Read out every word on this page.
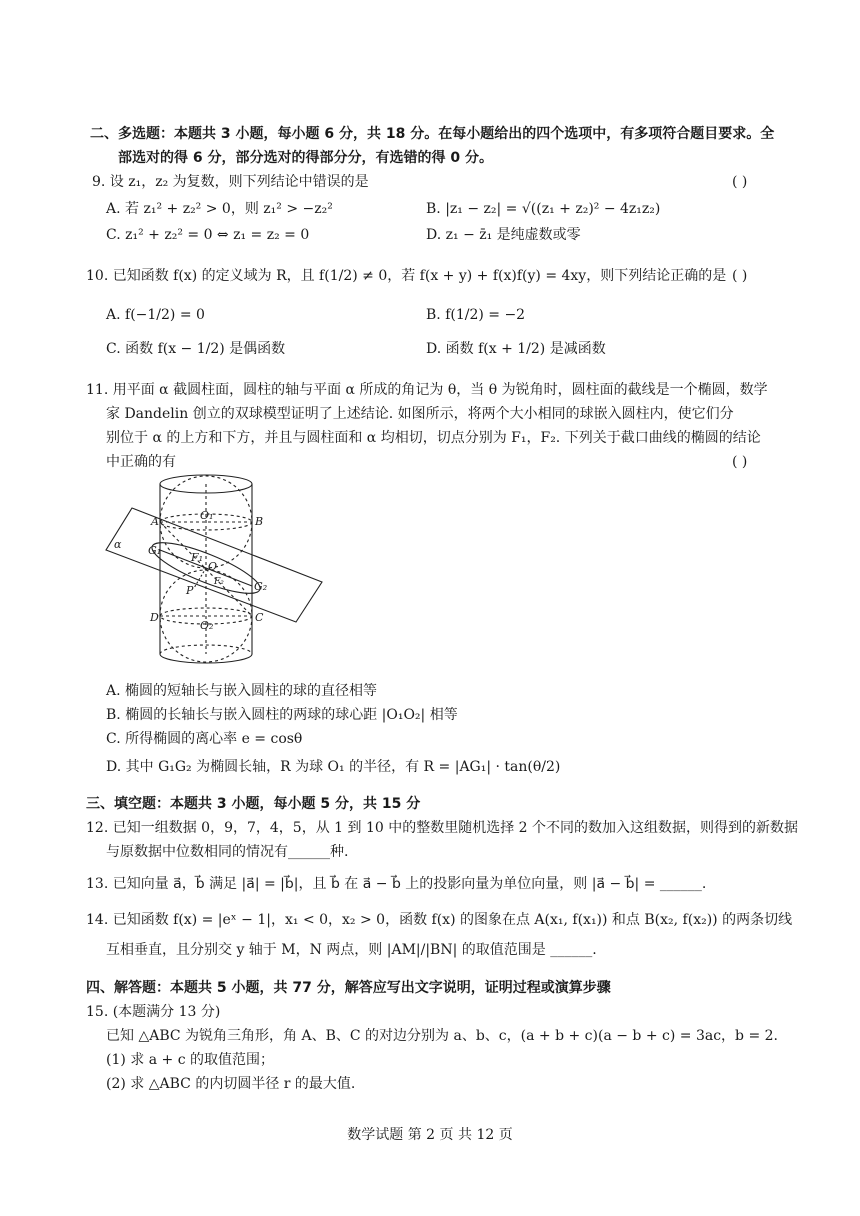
二、多选题：本题共 3 小题，每小题 6 分，共 18 分。在每小题给出的四个选项中，有多项符合题目要求。全
部选对的得 6 分，部分选对的得部分分，有选错的得 0 分。
9. 设 z₁，z₂ 为复数，则下列结论中错误的是	( )
A. 若 z₁² + z₂² > 0，则 z₁² > −z₂²	B. |z₁ − z₂| = √((z₁ + z₂)² − 4z₁z₂)
C. z₁² + z₂² = 0 ⇔ z₁ = z₂ = 0	D. z₁ − z̄₁ 是纯虚数或零
10. 已知函数 f(x) 的定义域为 R，且 f(1/2) ≠ 0，若 f(x + y) + f(x)f(y) = 4xy，则下列结论正确的是 ( )
A. f(−1/2) = 0	B. f(1/2) = −2
C. 函数 f(x − 1/2) 是偶函数	D. 函数 f(x + 1/2) 是减函数
11. 用平面 α 截圆柱面，圆柱的轴与平面 α 所成的角记为 θ，当 θ 为锐角时，圆柱面的截线是一个椭圆，数学
家 Dandelin 创立的双球模型证明了上述结论. 如图所示，将两个大小相同的球嵌入圆柱内，使它们分
别位于 α 的上方和下方，并且与圆柱面和 α 均相切，切点分别为 F₁，F₂. 下列关于截口曲线的椭圆的结论
中正确的有	( )
A	B
C
D
O₁
O₂
O
F₁
F₂
G₁
G₂
P
α
A. 椭圆的短轴长与嵌入圆柱的球的直径相等
B. 椭圆的长轴长与嵌入圆柱的两球的球心距 |O₁O₂| 相等
C. 所得椭圆的离心率 e = cosθ
D. 其中 G₁G₂ 为椭圆长轴，R 为球 O₁ 的半径，有 R = |AG₁| · tan(θ/2)
三、填空题：本题共 3 小题，每小题 5 分，共 15 分
12. 已知一组数据 0，9，7，4，5，从 1 到 10 中的整数里随机选择 2 个不同的数加入这组数据，则得到的新数据
与原数据中位数相同的情况有______种.
13. 已知向量 a⃗，b⃗ 满足 |a⃗| = |b⃗|，且 b⃗ 在 a⃗ − b⃗ 上的投影向量为单位向量，则 |a⃗ − b⃗| = ______.
14. 已知函数 f(x) = |eˣ − 1|，x₁ < 0，x₂ > 0，函数 f(x) 的图象在点 A(x₁, f(x₁)) 和点 B(x₂, f(x₂)) 的两条切线
互相垂直，且分别交 y 轴于 M，N 两点，则 |AM|/|BN| 的取值范围是 ______.
四、解答题：本题共 5 小题，共 77 分，解答应写出文字说明，证明过程或演算步骤
15. (本题满分 13 分)
已知 △ABC 为锐角三角形，角 A、B、C 的对边分别为 a、b、c，(a + b + c)(a − b + c) = 3ac，b = 2.
(1) 求 a + c 的取值范围；
(2) 求 △ABC 的内切圆半径 r 的最大值.
数学试题 第 2 页 共 12 页
